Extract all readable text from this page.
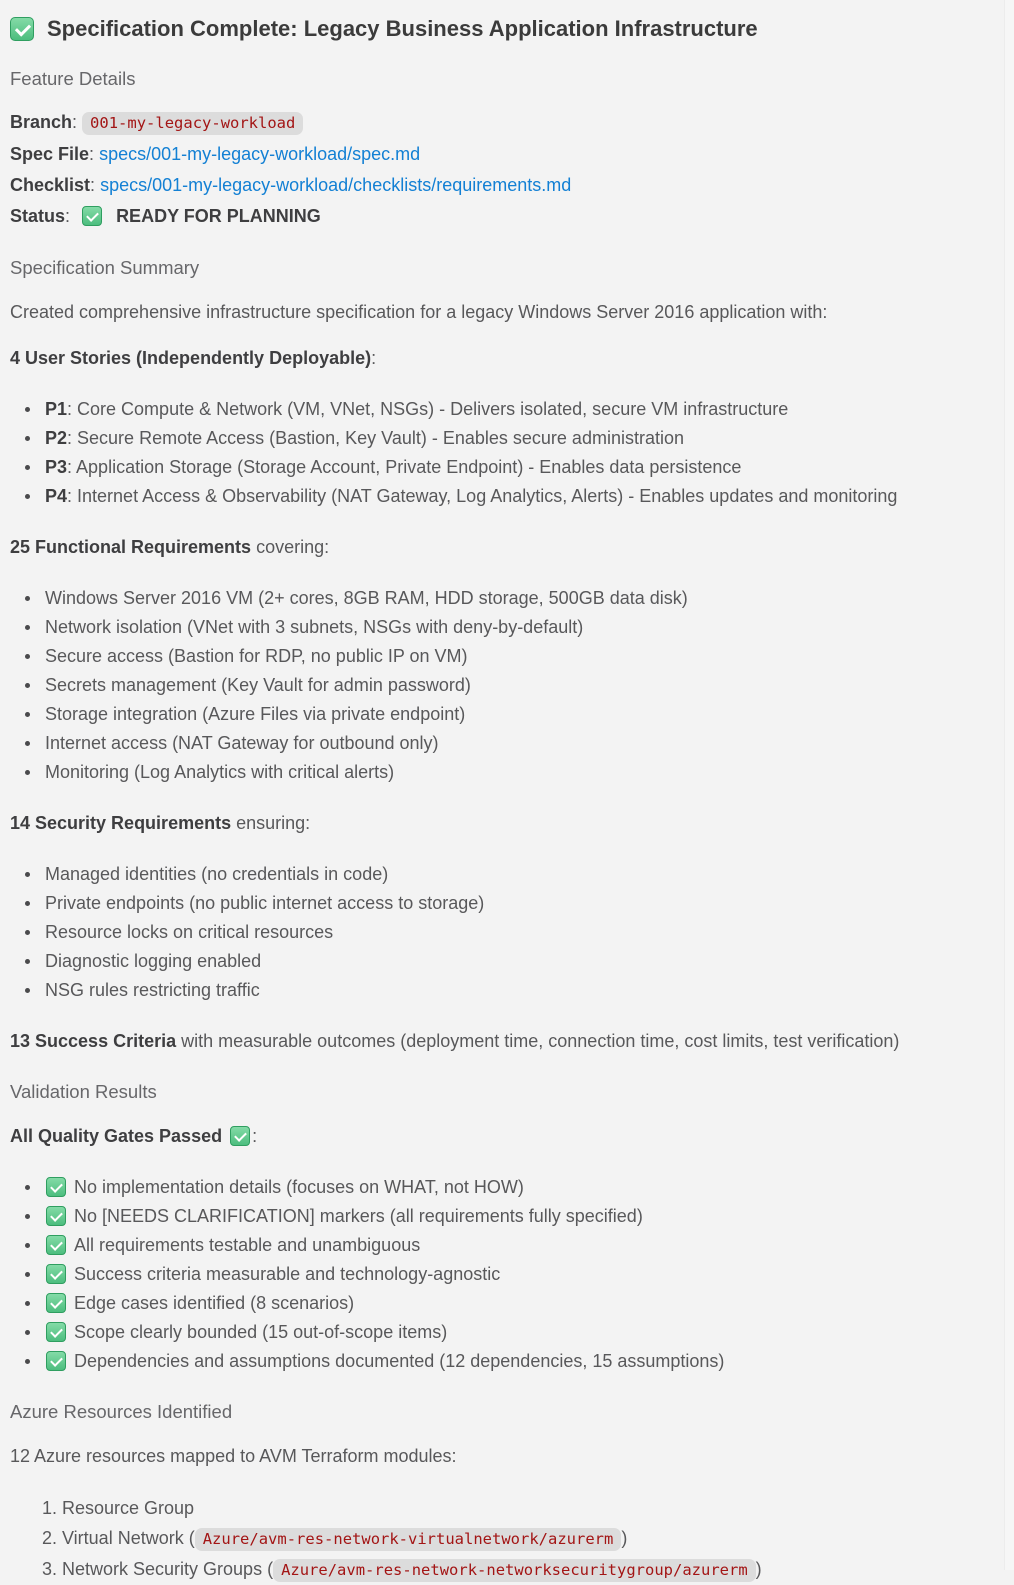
Specification Complete: Legacy Business Application Infrastructure
Feature Details
Branch: 001-my-legacy-workload
Spec File: specs/001-my-legacy-workload/spec.md
Checklist: specs/001-my-legacy-workload/checklists/requirements.md
Status:	READY FOR PLANNING
Specification Summary

Created comprehensive infrastructure specification for a legacy Windows Server 2016 application with:

4 User Stories (Independently Deployable):

P1: Core Compute & Network (VM, VNet, NSGs) - Delivers isolated, secure VM infrastructure
P2: Secure Remote Access (Bastion, Key Vault) - Enables secure administration
P3: Application Storage (Storage Account, Private Endpoint) - Enables data persistence
P4: Internet Access & Observability (NAT Gateway, Log Analytics, Alerts) - Enables updates and monitoring

25 Functional Requirements covering:

Windows Server 2016 VM (2+ cores, 8GB RAM, HDD storage, 500GB data disk)
Network isolation (VNet with 3 subnets, NSGs with deny-by-default)
Secure access (Bastion for RDP, no public IP on VM)
Secrets management (Key Vault for admin password)
Storage integration (Azure Files via private endpoint)
Internet access (NAT Gateway for outbound only)
Monitoring (Log Analytics with critical alerts)

14 Security Requirements ensuring:

Managed identities (no credentials in code)
Private endpoints (no public internet access to storage)
Resource locks on critical resources
Diagnostic logging enabled
NSG rules restricting traffic

13 Success Criteria with measurable outcomes (deployment time, connection time, cost limits, test verification)

Validation Results

All Quality Gates Passed :

No implementation details (focuses on WHAT, not HOW)
No [NEEDS CLARIFICATION] markers (all requirements fully specified)
All requirements testable and unambiguous
Success criteria measurable and technology-agnostic
Edge cases identified (8 scenarios)
Scope clearly bounded (15 out-of-scope items)
Dependencies and assumptions documented (12 dependencies, 15 assumptions)
Azure Resources Identified

12 Azure resources mapped to AVM Terraform modules:

1. Resource Group
2. Virtual Network ( Azure/avm-res-network-virtualnetwork/azurerm )
3. Network Security Groups ( Azure/avm-res-network-networksecuritygroup/azurerm )
